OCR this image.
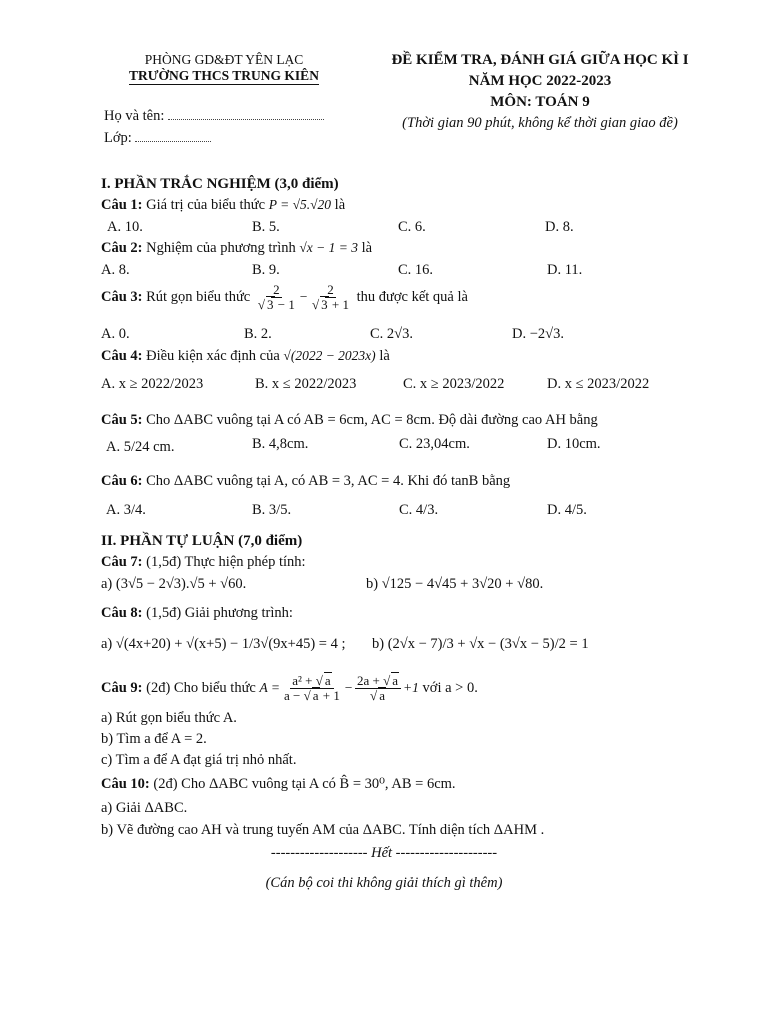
PHÒNG GD&ĐT YÊN LẠC
TRƯỜNG THCS TRUNG KIÊN
ĐỀ KIỂM TRA, ĐÁNH GIÁ GIỮA HỌC KÌ I
NĂM HỌC 2022-2023
MÔN: TOÁN 9
(Thời gian 90 phút, không kể thời gian giao đề)
Họ và tên:
Lớp:
I. PHẦN TRẮC NGHIỆM (3,0 điểm)
Câu 1: Giá trị của biểu thức P = √5.√20 là
A. 10.	B. 5.	C. 6.	D. 8.
Câu 2: Nghiệm của phương trình √x − 1 = 3 là
A. 8.	B. 9.	C. 16.	D. 11.
Câu 3:
Rút gọn biểu thức
$\frac{2}{√ 3 - 1} - \frac{2}{√ 3 + 1}$
thu được kết quả là
A. 0.	B. 2.	C. 2√3.	D. −2√3.
Câu 4: Điều kiện xác định của √(2022 − 2023x) là
A. x ≥ 2022/2023	B. x ≤ 2022/2023	C. x ≥ 2023/2022	D. x ≤ 2023/2022
Câu 5: Cho ΔABC vuông tại A có AB = 6cm, AC = 8cm. Độ dài đường cao AH bằng
A. 5/24 cm.	B. 4,8cm.	C. 23,04cm.	D. 10cm.
Câu 6: Cho ΔABC vuông tại A, có AB = 3, AC = 4. Khi đó tanB bằng
A. 3/4.	B. 3/5.	C. 4/3.	D. 4/5.
II. PHẦN TỰ LUẬN (7,0 điểm)
Câu 7: (1,5đ) Thực hiện phép tính:
a) (3√5 − 2√3).√5 + √60.	b) √125 − 4√45 + 3√20 + √80.
Câu 8: (1,5đ) Giải phương trình:
a) √(4x+20) + √(x+5) − 1/3√(9x+45) = 4 ; b) (2√x − 7)/3 + √x − (3√x − 5)/2 = 1
Câu 9:
(2đ) Cho biểu thức
$A = \frac{\text{a² + √ a}}{a - √ a + 1} - \frac{2a + √ a}{√ a} +1$
với a > 0.
a) Rút gọn biểu thức A.
b) Tìm a để A = 2.
c) Tìm a để A đạt giá trị nhỏ nhất.
Câu 10: (2đ) Cho ΔABC vuông tại A có B̂ = 30⁰, AB = 6cm.
a) Giải ΔABC.
b) Vẽ đường cao AH và trung tuyến AM của ΔABC. Tính diện tích ΔAHM .
-------------------- Hết ---------------------
(Cán bộ coi thi không giải thích gì thêm)
